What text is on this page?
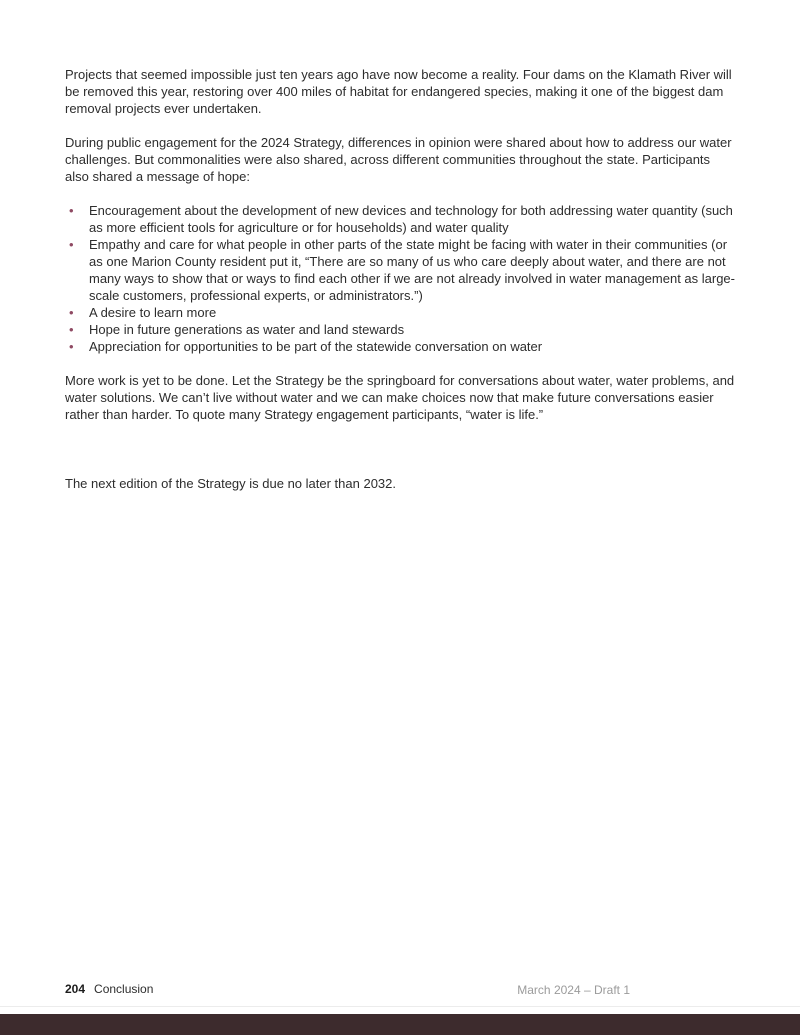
Projects that seemed impossible just ten years ago have now become a reality. Four dams on the Klamath River will be removed this year, restoring over 400 miles of habitat for endangered species, making it one of the biggest dam removal projects ever undertaken.

During public engagement for the 2024 Strategy, differences in opinion were shared about how to address our water challenges. But commonalities were also shared, across different communities throughout the state. Participants also shared a message of hope:

• Encouragement about the development of new devices and technology for both addressing water quantity (such as more efficient tools for agriculture or for households) and water quality
• Empathy and care for what people in other parts of the state might be facing with water in their communities (or as one Marion County resident put it, “There are so many of us who care deeply about water, and there are not many ways to show that or ways to find each other if we are not already involved in water management as large-scale customers, professional experts, or administrators.”)
• A desire to learn more
• Hope in future generations as water and land stewards
• Appreciation for opportunities to be part of the statewide conversation on water

More work is yet to be done. Let the Strategy be the springboard for conversations about water, water problems, and water solutions. We can’t live without water and we can make choices now that make future conversations easier rather than harder. To quote many Strategy engagement participants, “water is life.”

The next edition of the Strategy is due no later than 2032.

204 Conclusion	March 2024 – Draft 1
